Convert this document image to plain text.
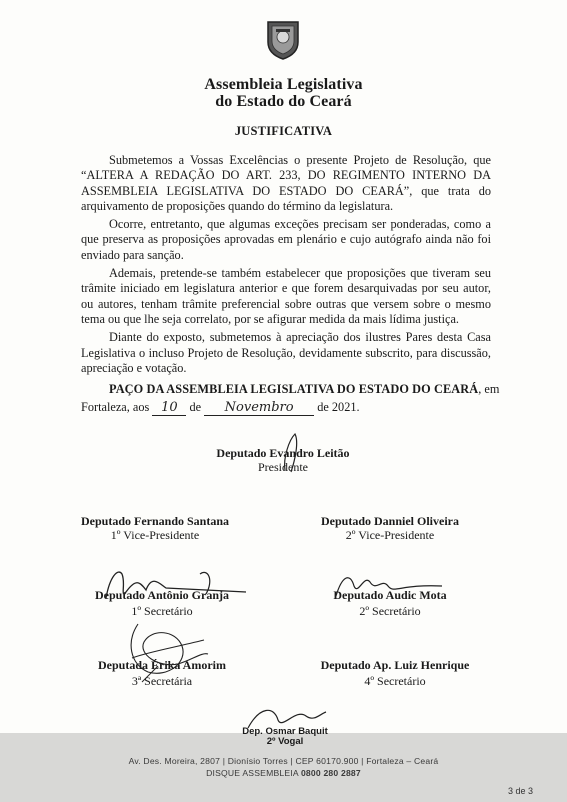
Assembleia Legislativa
do Estado do Ceará
JUSTIFICATIVA

Submetemos a Vossas Excelências o presente Projeto de Resolução, que “ALTERA A REDAÇÃO DO ART. 233, DO REGIMENTO INTERNO DA ASSEMBLEIA LEGISLATIVA DO ESTADO DO CEARÁ”, que trata do arquivamento de proposições quando do término da legislatura.

Ocorre, entretanto, que algumas exceções precisam ser ponderadas, como a que preserva as proposições aprovadas em plenário e cujo autógrafo ainda não foi enviado para sanção.

Ademais, pretende-se também estabelecer que proposições que tiveram seu trâmite iniciado em legislatura anterior e que forem desarquivadas por seu autor, ou autores, tenham trâmite preferencial sobre outras que versem sobre o mesmo tema ou que lhe seja correlato, por se afigurar medida da mais lídima justiça.

Diante do exposto, submetemos à apreciação dos ilustres Pares desta Casa Legislativa o incluso Projeto de Resolução, devidamente subscrito, para discussão, apreciação e votação.

PAÇO DA ASSEMBLEIA LEGISLATIVA DO ESTADO DO CEARÁ, em
Fortaleza, aos 10 de Novembro de 2021.
Deputado Evandro Leitão
Presidente
Deputado Fernando Santana
1º Vice-Presidente
Deputado Danniel Oliveira
2º Vice-Presidente
Deputado Antônio Granja
1º Secretário
Deputado Audic Mota
2º Secretário
Deputada Érika Amorim
3ª Secretária
Deputado Ap. Luiz Henrique
4º Secretário
Dep. Osmar Baquit
2º Vogal
Av. Des. Moreira, 2807 | Dionísio Torres | CEP 60170.900 | Fortaleza – Ceará
DISQUE ASSEMBLEIA 0800 280 2887
3 de 3
